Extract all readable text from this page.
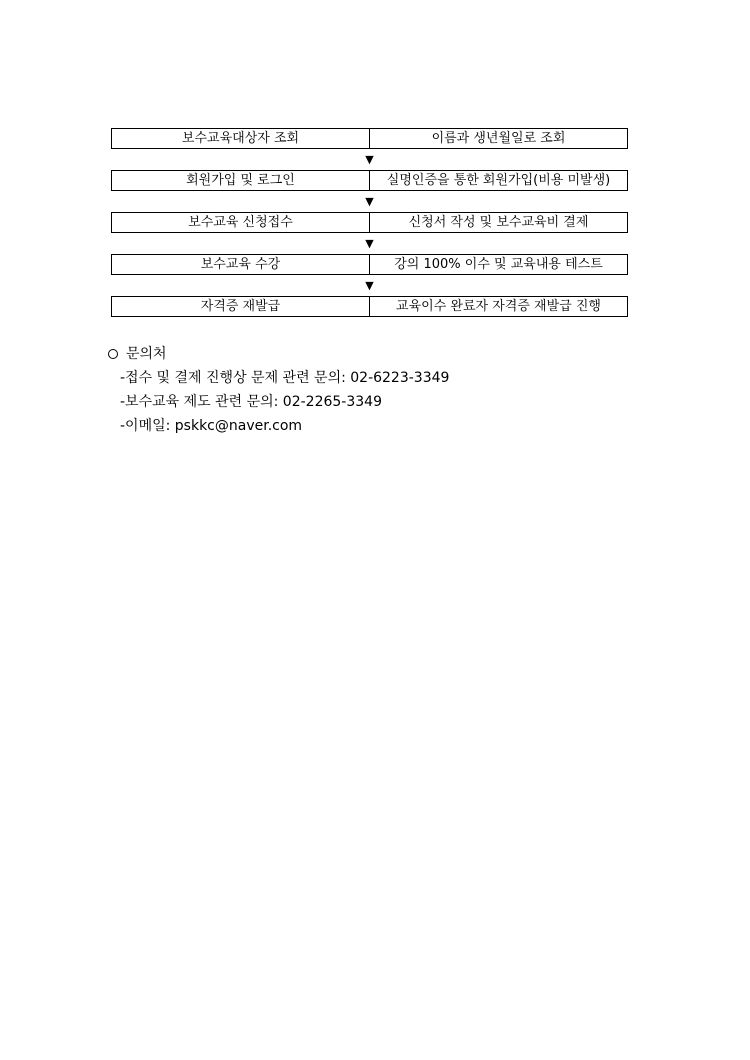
보수교육대상자 조회	이름과 생년월일로 조회
▼
회원가입 및 로그인	실명인증을 통한 회원가입(비용 미발생)
▼
보수교육 신청접수	신청서 작성 및 보수교육비 결제
▼
보수교육 수강	강의 100% 이수 및 교육내용 테스트
▼
자격증 재발급	교육이수 완료자 자격증 재발급 진행
문의처
-접수 및 결제 진행상 문제 관련 문의: 02-6223-3349
-보수교육 제도 관련 문의: 02-2265-3349
-이메일: pskkc@naver.com
